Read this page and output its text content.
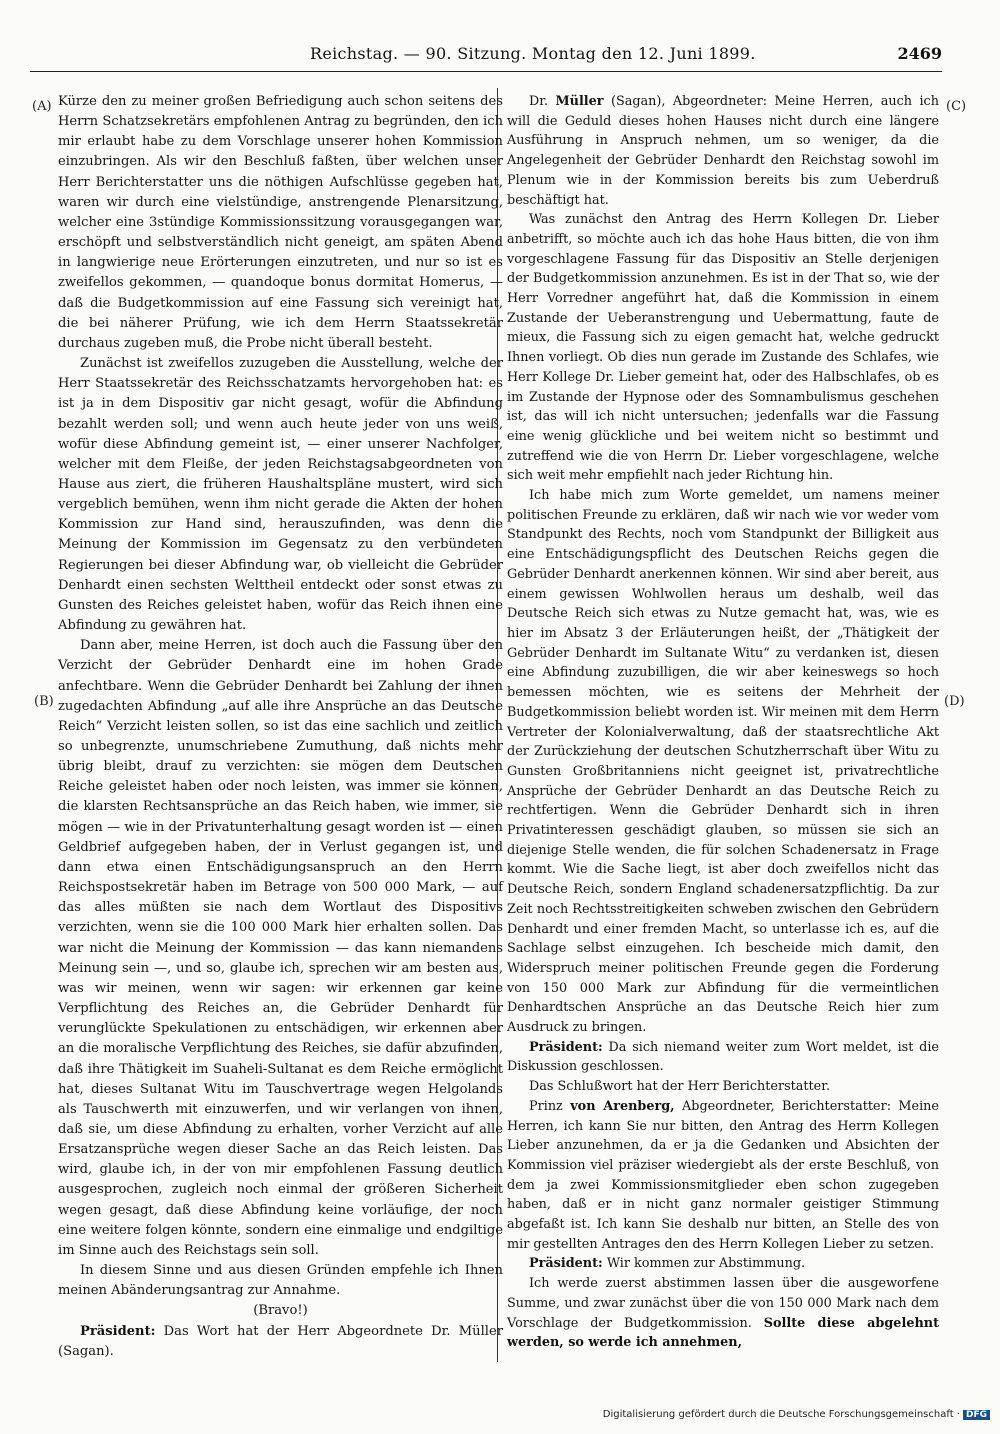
Reichstag. — 90. Sitzung. Montag den 12. Juni 1899.	2469
(A)
(B)
(C)
(D)

Kürze den zu meiner großen Befriedigung auch schon seitens des Herrn Schatzsekretärs empfohlenen Antrag zu begründen, den ich mir erlaubt habe zu dem Vorschlage unserer hohen Kommission einzubringen. Als wir den Beschluß faßten, über welchen unser Herr Berichterstatter uns die nöthigen Aufschlüsse gegeben hat, waren wir durch eine vielstündige, anstrengende Plenarsitzung, welcher eine 3stündige Kommissionssitzung vorausgegangen war, erschöpft und selbstverständlich nicht geneigt, am späten Abend in langwierige neue Erörterungen einzutreten, und nur so ist es zweifellos gekommen, — quandoque bonus dormitat Homerus, — daß die Budgetkommission auf eine Fassung sich vereinigt hat, die bei näherer Prüfung, wie ich dem Herrn Staatssekretär durchaus zugeben muß, die Probe nicht überall besteht.

Zunächst ist zweifellos zuzugeben die Ausstellung, welche der Herr Staatssekretär des Reichsschatzamts hervorgehoben hat: es ist ja in dem Dispositiv gar nicht gesagt, wofür die Abfindung bezahlt werden soll; und wenn auch heute jeder von uns weiß, wofür diese Abfindung gemeint ist, — einer unserer Nachfolger, welcher mit dem Fleiße, der jeden Reichstagsabgeordneten von Hause aus ziert, die früheren Haushaltspläne mustert, wird sich vergeblich bemühen, wenn ihm nicht gerade die Akten der hohen Kommission zur Hand sind, herauszufinden, was denn die Meinung der Kommission im Gegensatz zu den verbündeten Regierungen bei dieser Abfindung war, ob vielleicht die Gebrüder Denhardt einen sechsten Welttheil entdeckt oder sonst etwas zu Gunsten des Reiches geleistet haben, wofür das Reich ihnen eine Abfindung zu gewähren hat.

Dann aber, meine Herren, ist doch auch die Fassung über den Verzicht der Gebrüder Denhardt eine im hohen Grade anfechtbare. Wenn die Gebrüder Denhardt bei Zahlung der ihnen zugedachten Abfindung „auf alle ihre Ansprüche an das Deutsche Reich“ Verzicht leisten sollen, so ist das eine sachlich und zeitlich so unbegrenzte, unumschriebene Zumuthung, daß nichts mehr übrig bleibt, drauf zu verzichten: sie mögen dem Deutschen Reiche geleistet haben oder noch leisten, was immer sie können, die klarsten Rechtsansprüche an das Reich haben, wie immer, sie mögen — wie in der Privatunterhaltung gesagt worden ist — einen Geldbrief aufgegeben haben, der in Verlust gegangen ist, und dann etwa einen Entschädigungsanspruch an den Herrn Reichspostsekretär haben im Betrage von 500 000 Mark, — auf das alles müßten sie nach dem Wortlaut des Dispositivs verzichten, wenn sie die 100 000 Mark hier erhalten sollen. Das war nicht die Meinung der Kommission — das kann niemandens Meinung sein —, und so, glaube ich, sprechen wir am besten aus, was wir meinen, wenn wir sagen: wir erkennen gar keine Verpflichtung des Reiches an, die Gebrüder Denhardt für verunglückte Spekulationen zu entschädigen, wir erkennen aber an die moralische Verpflichtung des Reiches, sie dafür abzufinden, daß ihre Thätigkeit im Suaheli-Sultanat es dem Reiche ermöglicht hat, dieses Sultanat Witu im Tauschvertrage wegen Helgolands als Tauschwerth mit einzuwerfen, und wir verlangen von ihnen, daß sie, um diese Abfindung zu erhalten, vorher Verzicht auf alle Ersatzansprüche wegen dieser Sache an das Reich leisten. Das wird, glaube ich, in der von mir empfohlenen Fassung deutlich ausgesprochen, zugleich noch einmal der größeren Sicherheit wegen gesagt, daß diese Abfindung keine vorläufige, der noch eine weitere folgen könnte, sondern eine einmalige und endgiltige im Sinne auch des Reichstags sein soll.

In diesem Sinne und aus diesen Gründen empfehle ich Ihnen meinen Abänderungsantrag zur Annahme.

(Bravo!)

Präsident: Das Wort hat der Herr Abgeordnete Dr. Müller (Sagan).

Dr. Müller (Sagan), Abgeordneter: Meine Herren, auch ich will die Geduld dieses hohen Hauses nicht durch eine längere Ausführung in Anspruch nehmen, um so weniger, da die Angelegenheit der Gebrüder Denhardt den Reichstag sowohl im Plenum wie in der Kommission bereits bis zum Ueberdruß beschäftigt hat.

Was zunächst den Antrag des Herrn Kollegen Dr. Lieber anbetrifft, so möchte auch ich das hohe Haus bitten, die von ihm vorgeschlagene Fassung für das Dispositiv an Stelle derjenigen der Budgetkommission anzunehmen. Es ist in der That so, wie der Herr Vorredner angeführt hat, daß die Kommission in einem Zustande der Ueberanstrengung und Uebermattung, faute de mieux, die Fassung sich zu eigen gemacht hat, welche gedruckt Ihnen vorliegt. Ob dies nun gerade im Zustande des Schlafes, wie Herr Kollege Dr. Lieber gemeint hat, oder des Halbschlafes, ob es im Zustande der Hypnose oder des Somnambulismus geschehen ist, das will ich nicht untersuchen; jedenfalls war die Fassung eine wenig glückliche und bei weitem nicht so bestimmt und zutreffend wie die von Herrn Dr. Lieber vorgeschlagene, welche sich weit mehr empfiehlt nach jeder Richtung hin.

Ich habe mich zum Worte gemeldet, um namens meiner politischen Freunde zu erklären, daß wir nach wie vor weder vom Standpunkt des Rechts, noch vom Standpunkt der Billigkeit aus eine Entschädigungspflicht des Deutschen Reichs gegen die Gebrüder Denhardt anerkennen können. Wir sind aber bereit, aus einem gewissen Wohlwollen heraus um deshalb, weil das Deutsche Reich sich etwas zu Nutze gemacht hat, was, wie es hier im Absatz 3 der Erläuterungen heißt, der „Thätigkeit der Gebrüder Denhardt im Sultanate Witu“ zu verdanken ist, diesen eine Abfindung zuzubilligen, die wir aber keineswegs so hoch bemessen möchten, wie es seitens der Mehrheit der Budgetkommission beliebt worden ist. Wir meinen mit dem Herrn Vertreter der Kolonialverwaltung, daß der staatsrechtliche Akt der Zurückziehung der deutschen Schutzherrschaft über Witu zu Gunsten Großbritanniens nicht geeignet ist, privatrechtliche Ansprüche der Gebrüder Denhardt an das Deutsche Reich zu rechtfertigen. Wenn die Gebrüder Denhardt sich in ihren Privatinteressen geschädigt glauben, so müssen sie sich an diejenige Stelle wenden, die für solchen Schadenersatz in Frage kommt. Wie die Sache liegt, ist aber doch zweifellos nicht das Deutsche Reich, sondern England schadenersatzpflichtig. Da zur Zeit noch Rechtsstreitigkeiten schweben zwischen den Gebrüdern Denhardt und einer fremden Macht, so unterlasse ich es, auf die Sachlage selbst einzugehen. Ich bescheide mich damit, den Widerspruch meiner politischen Freunde gegen die Forderung von 150 000 Mark zur Abfindung für die vermeintlichen Denhardtschen Ansprüche an das Deutsche Reich hier zum Ausdruck zu bringen.

Präsident: Da sich niemand weiter zum Wort meldet, ist die Diskussion geschlossen.

Das Schlußwort hat der Herr Berichterstatter.

Prinz von Arenberg, Abgeordneter, Berichterstatter: Meine Herren, ich kann Sie nur bitten, den Antrag des Herrn Kollegen Lieber anzunehmen, da er ja die Gedanken und Absichten der Kommission viel präziser wiedergiebt als der erste Beschluß, von dem ja zwei Kommissionsmitglieder eben schon zugegeben haben, daß er in nicht ganz normaler geistiger Stimmung abgefaßt ist. Ich kann Sie deshalb nur bitten, an Stelle des von mir gestellten Antrages den des Herrn Kollegen Lieber zu setzen.

Präsident: Wir kommen zur Abstimmung.

Ich werde zuerst abstimmen lassen über die ausgeworfene Summe, und zwar zunächst über die von 150 000 Mark nach dem Vorschlage der Budgetkommission. Sollte diese abgelehnt werden, so werde ich annehmen,

Digitalisierung gefördert durch die Deutsche Forschungsgemeinschaft · DFG
